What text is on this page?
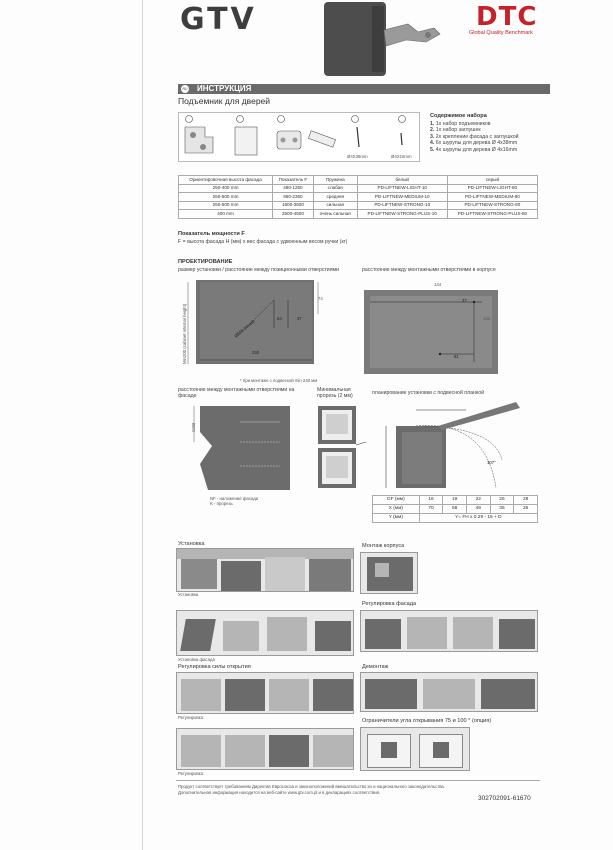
GTV	DTC
Global Quality Benchmark
RU ИНСТРУКЦИЯ
Подъемник для дверей
Ø4X38mm	Ø4X16mm
Содержимое набора
1. 1x набор подъемников
2. 1x набор заглушек
3. 2x крепление фасада с заглушкой
4. 6x шурупы для дерева Ø 4x38mm
5. 4x шурупы для дерева Ø 4x16mm
Ориентировочная высота фасада	Показатель F	Пружина	белый	серый
250-400 mm	480-1250	слабая	PD-LIFTNEW-LIGHT-10	PD-LIFTNEW-LIGHT-80
250-500 mm	960-2350	средняя	PD-LIFTNEW-MEDIUM-10	PD-LIFTNEW-MEDIUM-80
250-500 mm	1600-3600	сильная	PD-LIFTNEW-STRONG-10	PD-LIFTNEW-STRONG-80
400 mm	2500-4500	очень сильная	PD-LIFTNEW-STRONG-PLUS-10	PD-LIFTNEW-STRONG-PLUS-80
Показатель мощности F
F = высота фасада H (мм) x вес фасада с удвоенным весом ручки (кг)
ПРОЕКТИРОВАНИЕ
размер установки / расстояние между позиционными отверстиями	расстояние между монтажными отверстиями в корпусе
Min200 (cabinet internal height)	240
74
64	37
Ø508 (Head)
* при монтаже с подвеской min 240 мм
144
141
37
81
расстояние между монтажными отверстиями на фасаде
Минимальная прорезь (2 мм)
планирование установки с подвесной планкой
SOB
NF - наложение фасада
K - прорезь
107°
GF (мм)	16	19	22	26	28
X (мм)	70	58	49	35	26
Y (мм)	Y= FH x 0.29 - 15 + D				
Установка	Монтаж корпуса
Установка
Регулировка фасада
Установка фасада
Регулировка силы открытия
Регулировка
Демонтаж
Ограничители угла открывания 75 и 100 ° (опция)
Регулировка
Продукт соответствует требованиям Директив Евросоюза и законоположений вмешательство из и национального законодательства.
Дополнительная информация находится на веб-сайте www.gtv.com.pl и в декларациях соответствия.
302702091-61670
